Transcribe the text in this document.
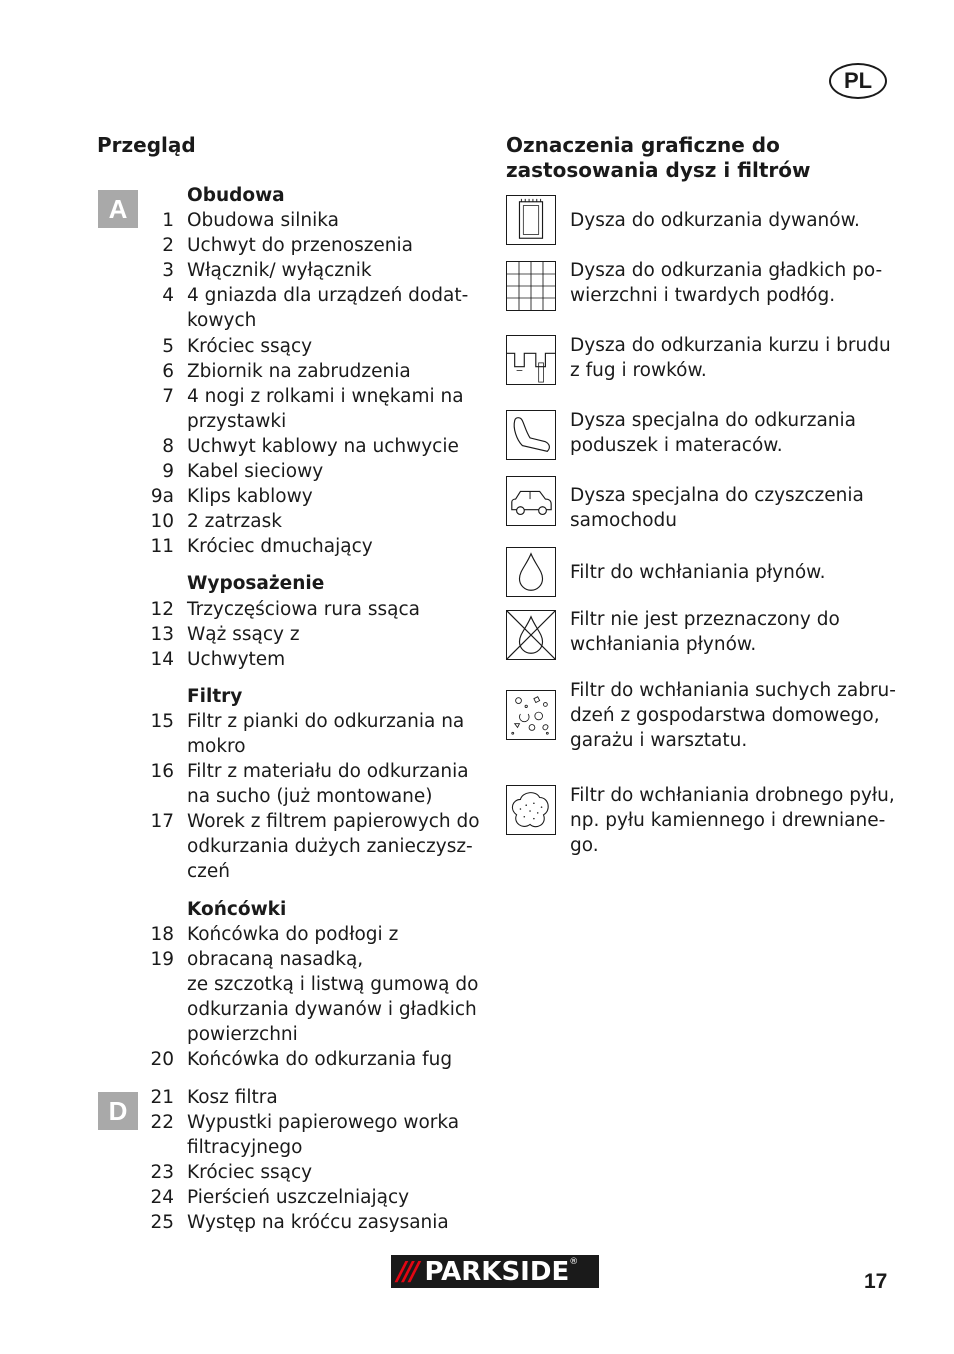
PL
Przegląd	Oznaczenia graficzne do
zastosowania dysz i filtrów
A
D
Obudowa
1 Obudowa silnika
2 Uchwyt do przenoszenia
3 Włącznik/ wyłącznik
4 4 gniazda dla urządzeń dodat-
kowych
5 Króciec ssący
6 Zbiornik na zabrudzenia
7 4 nogi z rolkami i wnękami na
przystawki
8 Uchwyt kablowy na uchwycie
9 Kabel sieciowy
9a Klips kablowy
10 2 zatrzask
11 Króciec dmuchający
Wyposażenie
12 Trzyczęściowa rura ssąca
13 Wąż ssący z
14 Uchwytem
Filtry
15 Filtr z pianki do odkurzania na
mokro
16 Filtr z materiału do odkurzania
na sucho (już montowane)
17 Worek z filtrem papierowych do
odkurzania dużych zanieczysz-
czeń
Końcówki
18 Końcówka do podłogi z
19 obracaną nasadką,
ze szczotką i listwą gumową do
odkurzania dywanów i gładkich
powierzchni
20 Końcówka do odkurzania fug
21 Kosz filtra
22 Wypustki papierowego worka
filtracyjnego
23 Króciec ssący
24 Pierścień uszczelniający
25 Występ na króćcu zasysania
Dysza do odkurzania dywanów.
Dysza do odkurzania gładkich po-
wierzchni i twardych podłóg.
Dysza do odkurzania kurzu i brudu
z fug i rowków.
Dysza specjalna do odkurzania
poduszek i materaców.
Dysza specjalna do czyszczenia
samochodu
Filtr do wchłaniania płynów.
Filtr nie jest przeznaczony do
wchłaniania płynów.
Filtr do wchłaniania suchych zabru-
dzeń z gospodarstwa domowego,
garażu i warsztatu.
Filtr do wchłaniania drobnego pyłu,
np. pyłu kamiennego i drewniane-
go.
/// PARKSIDE ®
17
